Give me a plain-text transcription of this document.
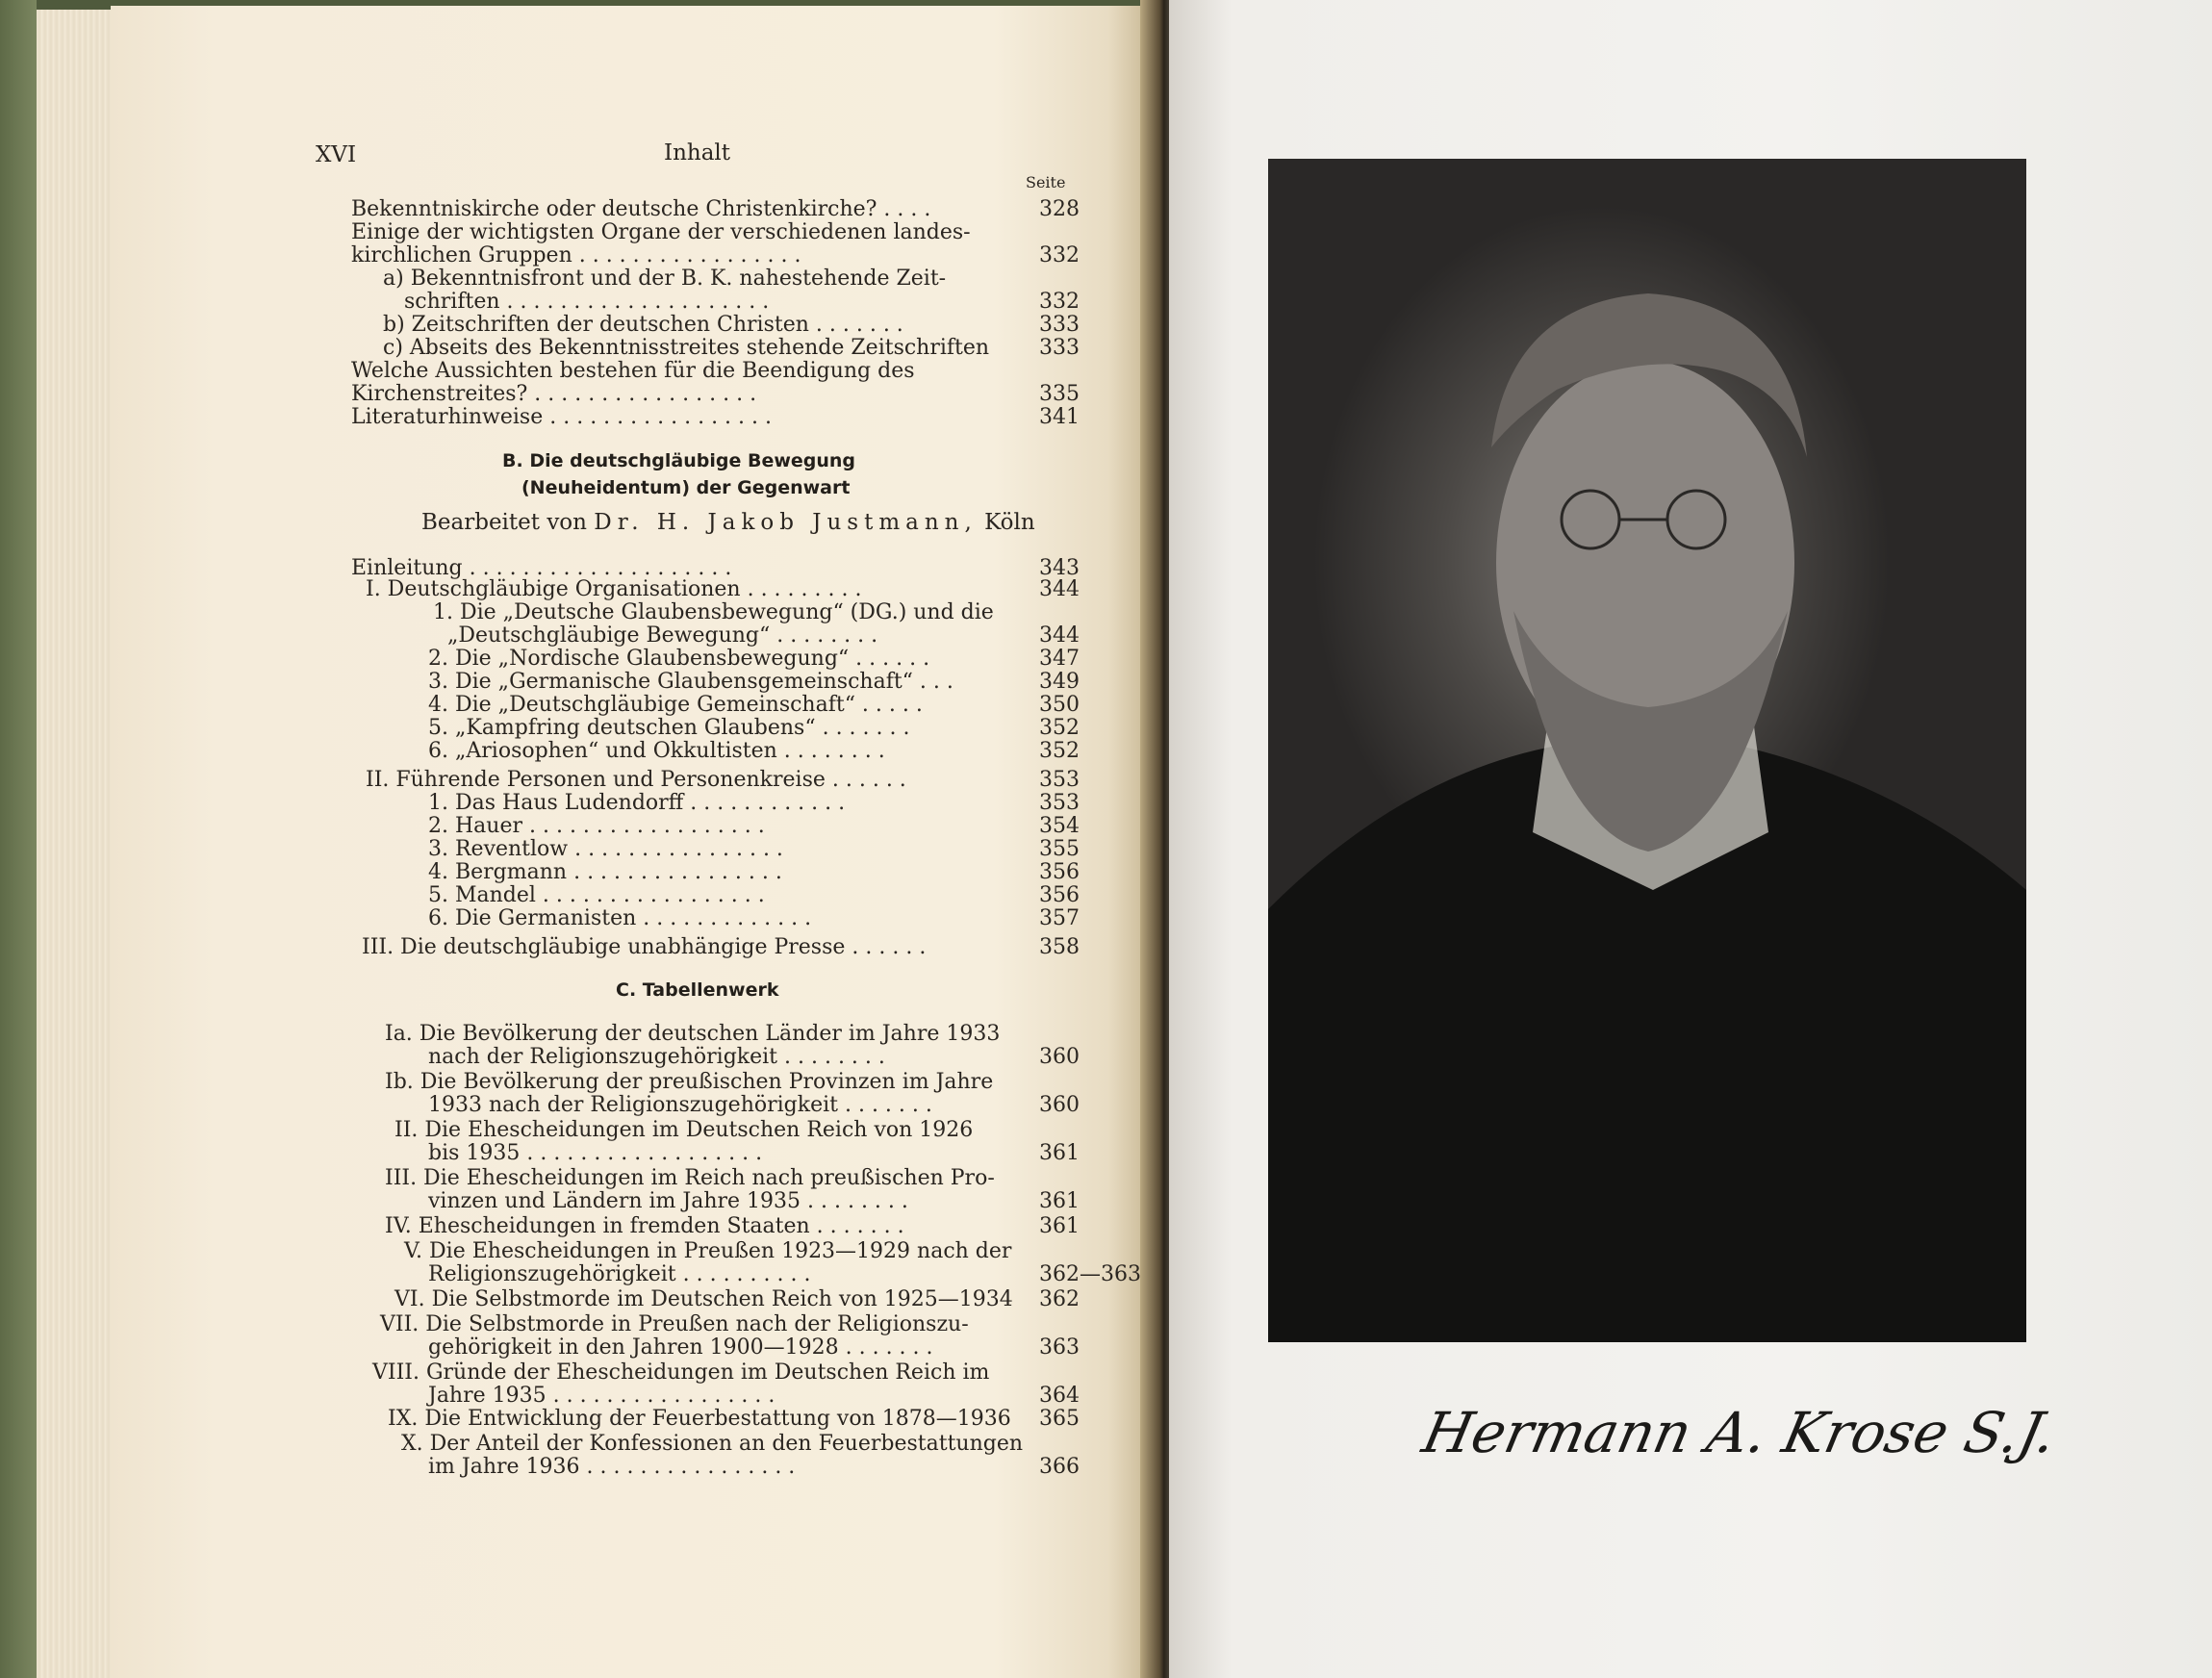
XVI	Inhalt
Seite
Bekenntniskirche oder deutsche Christenkirche? . . . .	328
Einige der wichtigsten Organe der verschiedenen landes-
kirchlichen Gruppen . . . . . . . . . . . . . . . . .	332
a) Bekenntnisfront und der B. K. nahestehende Zeit-
schriften . . . . . . . . . . . . . . . . . . . .	332
b) Zeitschriften der deutschen Christen . . . . . . .	333
c) Abseits des Bekenntnisstreites stehende Zeitschriften 333
Welche Aussichten bestehen für die Beendigung des
Kirchenstreites? . . . . . . . . . . . . . . . . .	335
Literaturhinweise . . . . . . . . . . . . . . . . .	341
B. Die deutschgläubige Bewegung
(Neuheidentum) der Gegenwart
Bearbeitet von Dr. H. Jakob Justmann, Köln
Einleitung . . . . . . . . . . . . . . . . . . . .	343
I. Deutschgläubige Organisationen . . . . . . . . .	344
1. Die „Deutsche Glaubensbewegung“ (DG.) und die
„Deutschgläubige Bewegung“ . . . . . . . .	344
2. Die „Nordische Glaubensbewegung“ . . . . . .	347
3. Die „Germanische Glaubensgemeinschaft“ . . .	349
4. Die „Deutschgläubige Gemeinschaft“ . . . . .	350
5. „Kampfring deutschen Glaubens“ . . . . . . .	352
6. „Ariosophen“ und Okkultisten . . . . . . . .	352
II. Führende Personen und Personenkreise . . . . . .	353
1. Das Haus Ludendorff . . . . . . . . . . . .	353
2. Hauer . . . . . . . . . . . . . . . . . .	354
3. Reventlow . . . . . . . . . . . . . . . .	355
4. Bergmann . . . . . . . . . . . . . . . .	356
5. Mandel . . . . . . . . . . . . . . . . .	356
6. Die Germanisten . . . . . . . . . . . . .	357
III. Die deutschgläubige unabhängige Presse . . . . . .	358
C. Tabellenwerk
Ia. Die Bevölkerung der deutschen Länder im Jahre 1933
nach der Religionszugehörigkeit . . . . . . . .	360
Ib. Die Bevölkerung der preußischen Provinzen im Jahre
1933 nach der Religionszugehörigkeit . . . . . . .	360
II. Die Ehescheidungen im Deutschen Reich von 1926
bis 1935 . . . . . . . . . . . . . . . . . .	361
III. Die Ehescheidungen im Reich nach preußischen Pro-
vinzen und Ländern im Jahre 1935 . . . . . . . .	361
IV. Ehescheidungen in fremden Staaten . . . . . . .	361
V. Die Ehescheidungen in Preußen 1923—1929 nach der
Religionszugehörigkeit . . . . . . . . . .	362—363
VI. Die Selbstmorde im Deutschen Reich von 1925—1934 362
VII. Die Selbstmorde in Preußen nach der Religionszu-
gehörigkeit in den Jahren 1900—1928 . . . . . . .	363
VIII. Gründe der Ehescheidungen im Deutschen Reich im
Jahre 1935 . . . . . . . . . . . . . . . . .	364
IX. Die Entwicklung der Feuerbestattung von 1878—1936 365
X. Der Anteil der Konfessionen an den Feuerbestattungen
im Jahre 1936 . . . . . . . . . . . . . . . .	366
Hermann A. Krose S.J.
